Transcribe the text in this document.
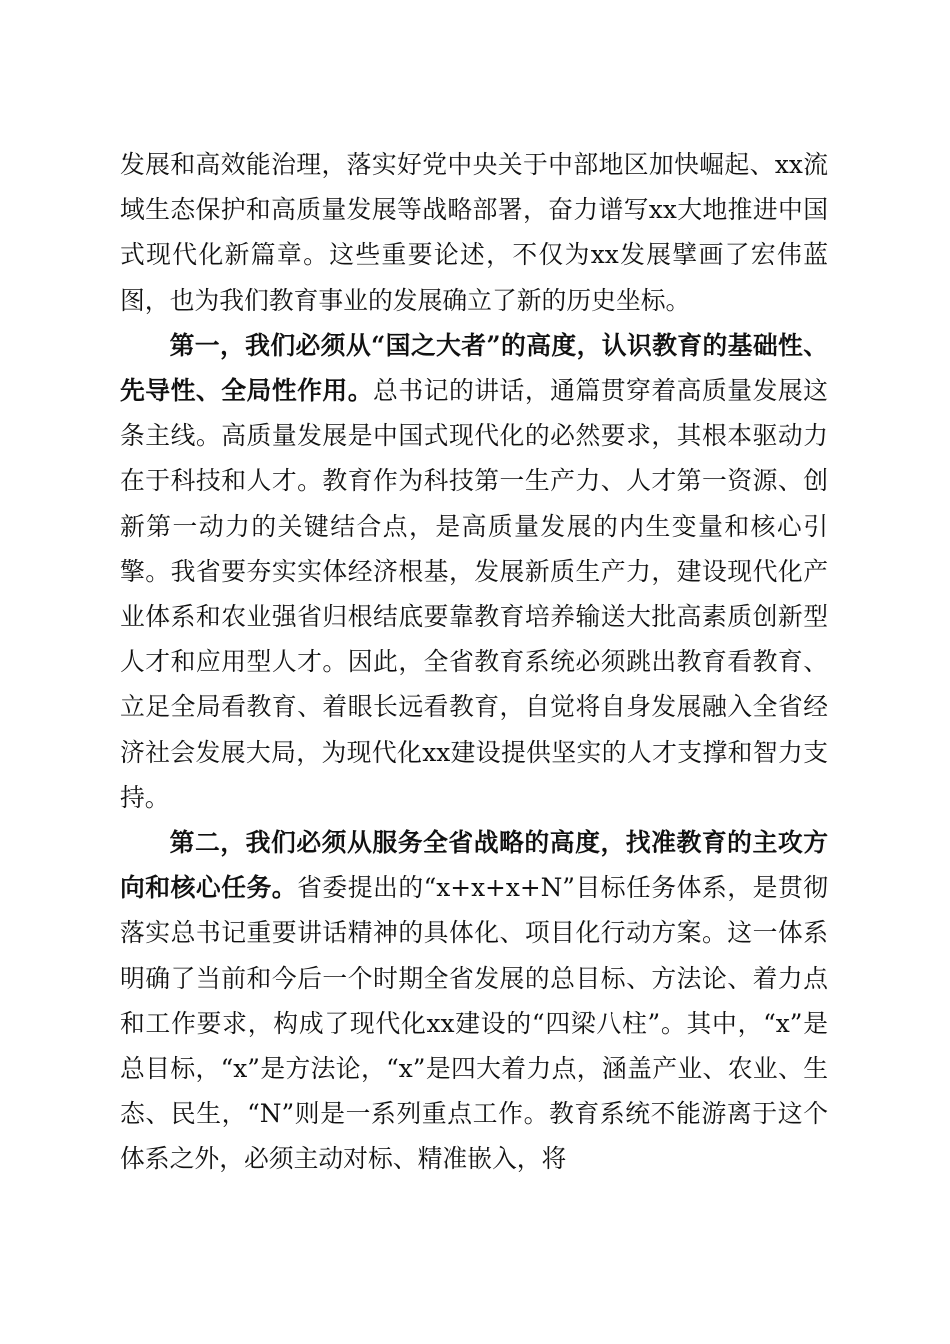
发展和高效能治理，落实好党中央关于中部地区加快崛起、xx流域生态保护和高质量发展等战略部署，奋力谱写xx大地推进中国式现代化新篇章。这些重要论述，不仅为xx发展擘画了宏伟蓝图，也为我们教育事业的发展确立了新的历史坐标。

第一，我们必须从“国之大者”的高度，认识教育的基础性、先导性、全局性作用。总书记的讲话，通篇贯穿着高质量发展这条主线。高质量发展是中国式现代化的必然要求，其根本驱动力在于科技和人才。教育作为科技第一生产力、人才第一资源、创新第一动力的关键结合点，是高质量发展的内生变量和核心引擎。我省要夯实实体经济根基，发展新质生产力，建设现代化产业体系和农业强省归根结底要靠教育培养输送大批高素质创新型人才和应用型人才。因此，全省教育系统必须跳出教育看教育、立足全局看教育、着眼长远看教育，自觉将自身发展融入全省经济社会发展大局，为现代化xx建设提供坚实的人才支撑和智力支持。

第二，我们必须从服务全省战略的高度，找准教育的主攻方向和核心任务。省委提出的“x+x+x+N”目标任务体系，是贯彻落实总书记重要讲话精神的具体化、项目化行动方案。这一体系明确了当前和今后一个时期全省发展的总目标、方法论、着力点和工作要求，构成了现代化xx建设的“四梁八柱”。其中，“x”是总目标，“x”是方法论，“x”是四大着力点，涵盖产业、农业、生态、民生，“N”则是一系列重点工作。教育系统不能游离于这个体系之外，必须主动对标、精准嵌入，将
